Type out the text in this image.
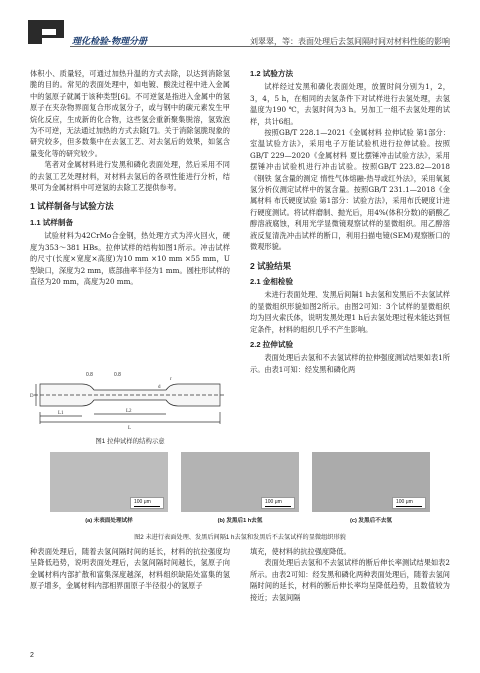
理化检验-物理分册	刘翠翠，等：表面处理后去氢间隔时间对材料性能的影响

体积小、质量轻，可通过加热升温的方式去除，以达到消除氢脆的目的。常见的表面处理中，如电镀、酸洗过程中进入金属中的氢原子就属于该种类型[6]。不可逆氢是指进入金属中的氢原子在夹杂物界面复合形成氢分子，或与钢中的碳元素发生甲烷化反应，生成新的化合物，这些氢会重新聚集脱溶，氢致泡为不可逆，无法通过加热的方式去除[7]。关于消除氢脆现象的研究较多，但多数集中在去氢工艺、对去氢后的效果，如氢含量变化等的研究较少。

笔者对金属材料进行发黑和磷化表面处理，然后采用不同的去氢工艺处理材料，对材料去氢后的各项性能进行分析，结果可为金属材料中可逆氢的去除工艺提供参考。

1 试样制备与试验方法
1.1 试样制备

试验材料为42CrMo合金钢，热处理方式为淬火回火，硬度为353～381 HBs。拉伸试样的结构如图1所示。冲击试样的尺寸(长度×宽度×高度)为10 mm ×10 mm ×55 mm，U型缺口，深度为2 mm，底部曲率半径为1 mm。圆柱形试样的直径为20 mm，高度为20 mm。

1.2 试验方法

试样经过发黑和磷化表面处理，放置时间分别为1，2，3，4，5 h，在相同的去氢条件下对试样进行去氢处理，去氢温度为190 ℃，去氢时间为3 h。另加工一组不去氢处理的试样，共计6组。

按照GB/T 228.1—2021《金属材料 拉伸试验 第1部分：室温试验方法》，采用电子万能试验机进行拉伸试验。按照GB/T 229—2020《金属材料 夏比摆锤冲击试验方法》，采用摆锤冲击试验机进行冲击试验。按照GB/T 223.82—2018《钢铁 氢含量的测定 惰性气体熔融-热导或红外法》，采用氧氮氢分析仪测定试样中的氢含量。按照GB/T 231.1—2018《金属材料 布氏硬度试验 第1部分：试验方法》，采用布氏硬度计进行硬度测试。将试样磨制、抛光后，用4%(体积分数)的硝酸乙醇溶液腐蚀，利用光学显微镜观察试样的显微组织。用乙醇溶液反复清洗冲击试样的断口，利用扫描电镜(SEM)观察断口的微观形貌。

2 试验结果
2.1 金相检验

未进行表面处理、发黑后间隔1 h去氢和发黑后不去氢试样的显微组织形貌如图2所示。由图2可知：3个试样的显微组织均为回火索氏体，说明发黑处理1 h后去氢处理过程未能达到恒定条件，材料的组织几乎不产生影响。

2.2 拉伸试验

表面处理后去氢和不去氢试样的拉伸强度测试结果如表1所示。由表1可知：经发黑和磷化两

0.8	0.8
d
D
r
L1	L2
L
图1 拉伸试样的结构示意
100 μm
(a) 未表面处理试样
100 μm
(b) 发黑后1 h去氢
100 μm
(c) 发黑后不去氢
图2 未进行表面处理、发黑后间隔1 h去氢和发黑后不去氢试样的显微组织形貌

种表面处理后，随着去氢间隔时间的延长，材料的抗拉强度均呈降低趋势，说明表面处理后，去氢间隔时间越长，氢原子向金属材料内部扩散和富集深度越深，材料组织缺陷处富集的氢原子增多，金属材料内部相界面原子半径很小的氢原子

填充，使材料的抗拉强度降低。

表面处理后去氢和不去氢试样的断后伸长率测试结果如表2所示。由表2可知：经发黑和磷化两种表面处理后，随着去氢间隔时间的延长，材料的断后伸长率均呈降低趋势，且数值较为接近；去氢间隔

2
